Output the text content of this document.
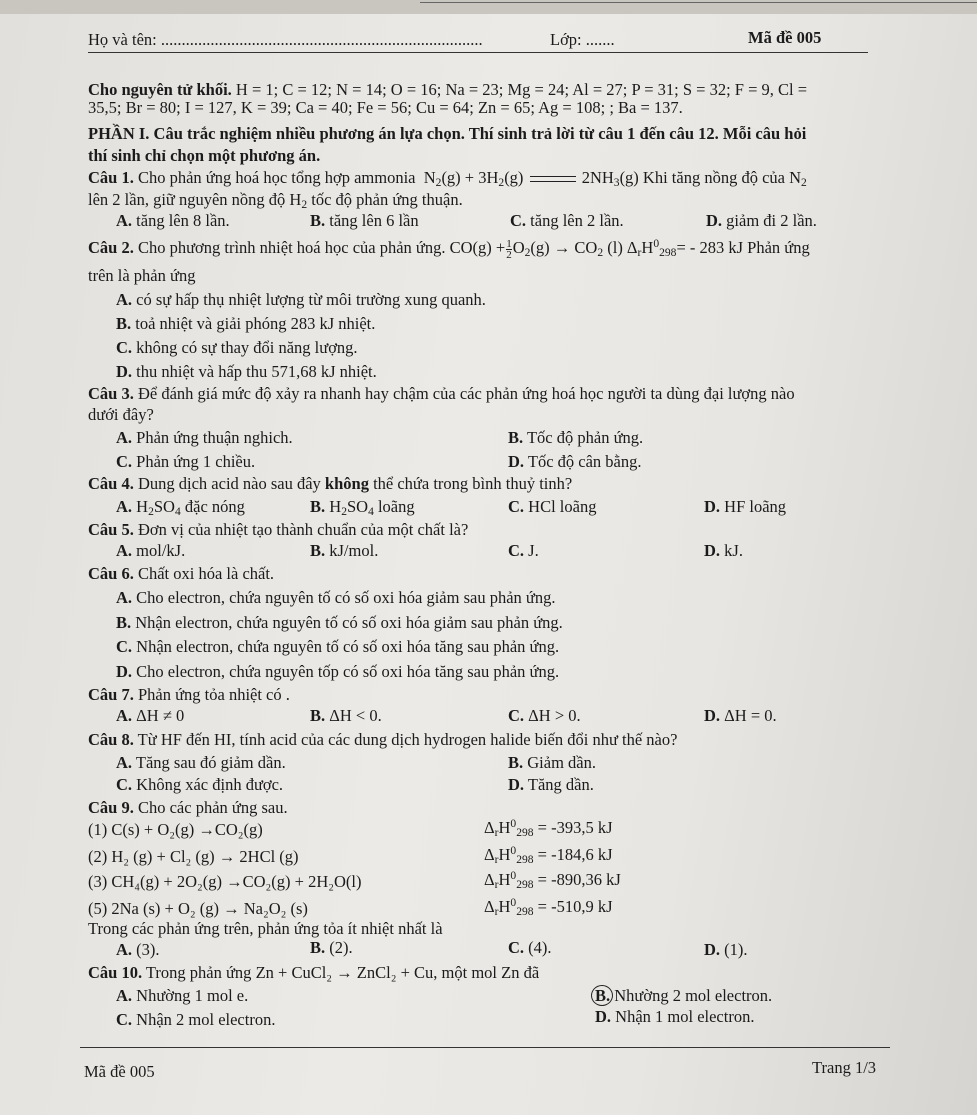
Họ và tên: ..............................................................................	Lớp: .......	Mã đề 005
Cho nguyên tử khối. H = 1; C = 12; N = 14; O = 16; Na = 23; Mg = 24; Al = 27; P = 31; S = 32; F = 9, Cl =
35,5; Br = 80; I = 127, K = 39; Ca = 40; Fe = 56; Cu = 64; Zn = 65; Ag = 108; ; Ba = 137.
PHẦN I. Câu trắc nghiệm nhiều phương án lựa chọn. Thí sinh trả lời từ câu 1 đến câu 12. Mỗi câu hỏi
thí sinh chỉ chọn một phương án.
Câu 1. Cho phản ứng hoá học tổng hợp ammonia $N_2(g) + 3H_2(g)$	$2NH_3(g)$ Khi tăng nồng độ của $N_2$
lên 2 lần, giữ nguyên nồng độ $H_2$ tốc độ phản ứng thuận.
A. tăng lên 8 lần.	B. tăng lên 6 lần	C. tăng lên 2 lần.	D. giảm đi 2 lần.
Câu 2. Cho phương trình nhiệt hoá học của phản ứng. $CO(g) + \frac{1}{2} O_2(g) \to CO_2$ (l) $\Delta_rH^0_{298}= - 283$ kJ Phản ứng
trên là phản ứng
A. có sự hấp thụ nhiệt lượng từ môi trường xung quanh.
B. toả nhiệt và giải phóng 283 kJ nhiệt.
C. không có sự thay đổi năng lượng.
D. thu nhiệt và hấp thu 571,68 kJ nhiệt.
Câu 3. Để đánh giá mức độ xảy ra nhanh hay chậm của các phản ứng hoá học người ta dùng đại lượng nào
dưới đây?
A. Phản ứng thuận nghich.	B. Tốc độ phản ứng.
C. Phản ứng 1 chiều.	D. Tốc độ cân bằng.
Câu 4. Dung dịch acid nào sau đây không thể chứa trong bình thuỷ tinh?
A. $H_2SO_4$ đặc nóng	B. $H_2SO_4$ loãng	C. HCl loãng	D. HF loãng
Câu 5. Đơn vị của nhiệt tạo thành chuẩn của một chất là?
A. mol/kJ.	B. kJ/mol.	C. J.	D. kJ.
Câu 6. Chất oxi hóa là chất.
A. Cho electron, chứa nguyên tố có số oxi hóa giảm sau phản ứng.
B. Nhận electron, chứa nguyên tố có số oxi hóa giảm sau phản ứng.
C. Nhận electron, chứa nguyên tố có số oxi hóa tăng sau phản ứng.
D. Cho electron, chứa nguyên tốp có số oxi hóa tăng sau phản ứng.
Câu 7. Phản ứng tỏa nhiệt có .
A. ΔH ≠ 0	B. ΔH < 0.	C. ΔH > 0.	D. ΔH = 0.
Câu 8. Từ HF đến HI, tính acid của các dung dịch hydrogen halide biến đổi như thế nào?
A. Tăng sau đó giảm dần.	B. Giảm dần.
C. Không xác định được.	D. Tăng dần.
Câu 9. Cho các phản ứng sau.
(1) C(s) + O₂(g) →CO₂(g)	$\Delta_rH^0_{298} = -393,5$ kJ
(2) H₂ (g) + Cl₂ (g) → 2HCl (g)	$\Delta_rH^0_{298} = -184,6$ kJ
(3) CH₄(g) + 2O₂(g) →CO₂(g) + 2H₂O(l)	$\Delta_rH^0_{298} = -890,36$ kJ
(5) 2Na (s) + O₂ (g) → Na₂O₂ (s)	$\Delta_rH^0_{298} = -510,9$ kJ
Trong các phản ứng trên, phản ứng tỏa ít nhiệt nhất là
A. (3).	B. (2).	C. (4).	D. (1).
Câu 10. Trong phản ứng Zn + CuCl₂ → ZnCl₂ + Cu, một mol Zn đã
A. Nhường 1 mol e.	B. Nhường 2 mol electron.
C. Nhận 2 mol electron.	D. Nhận 1 mol electron.
Mã đề 005	Trang 1/3
